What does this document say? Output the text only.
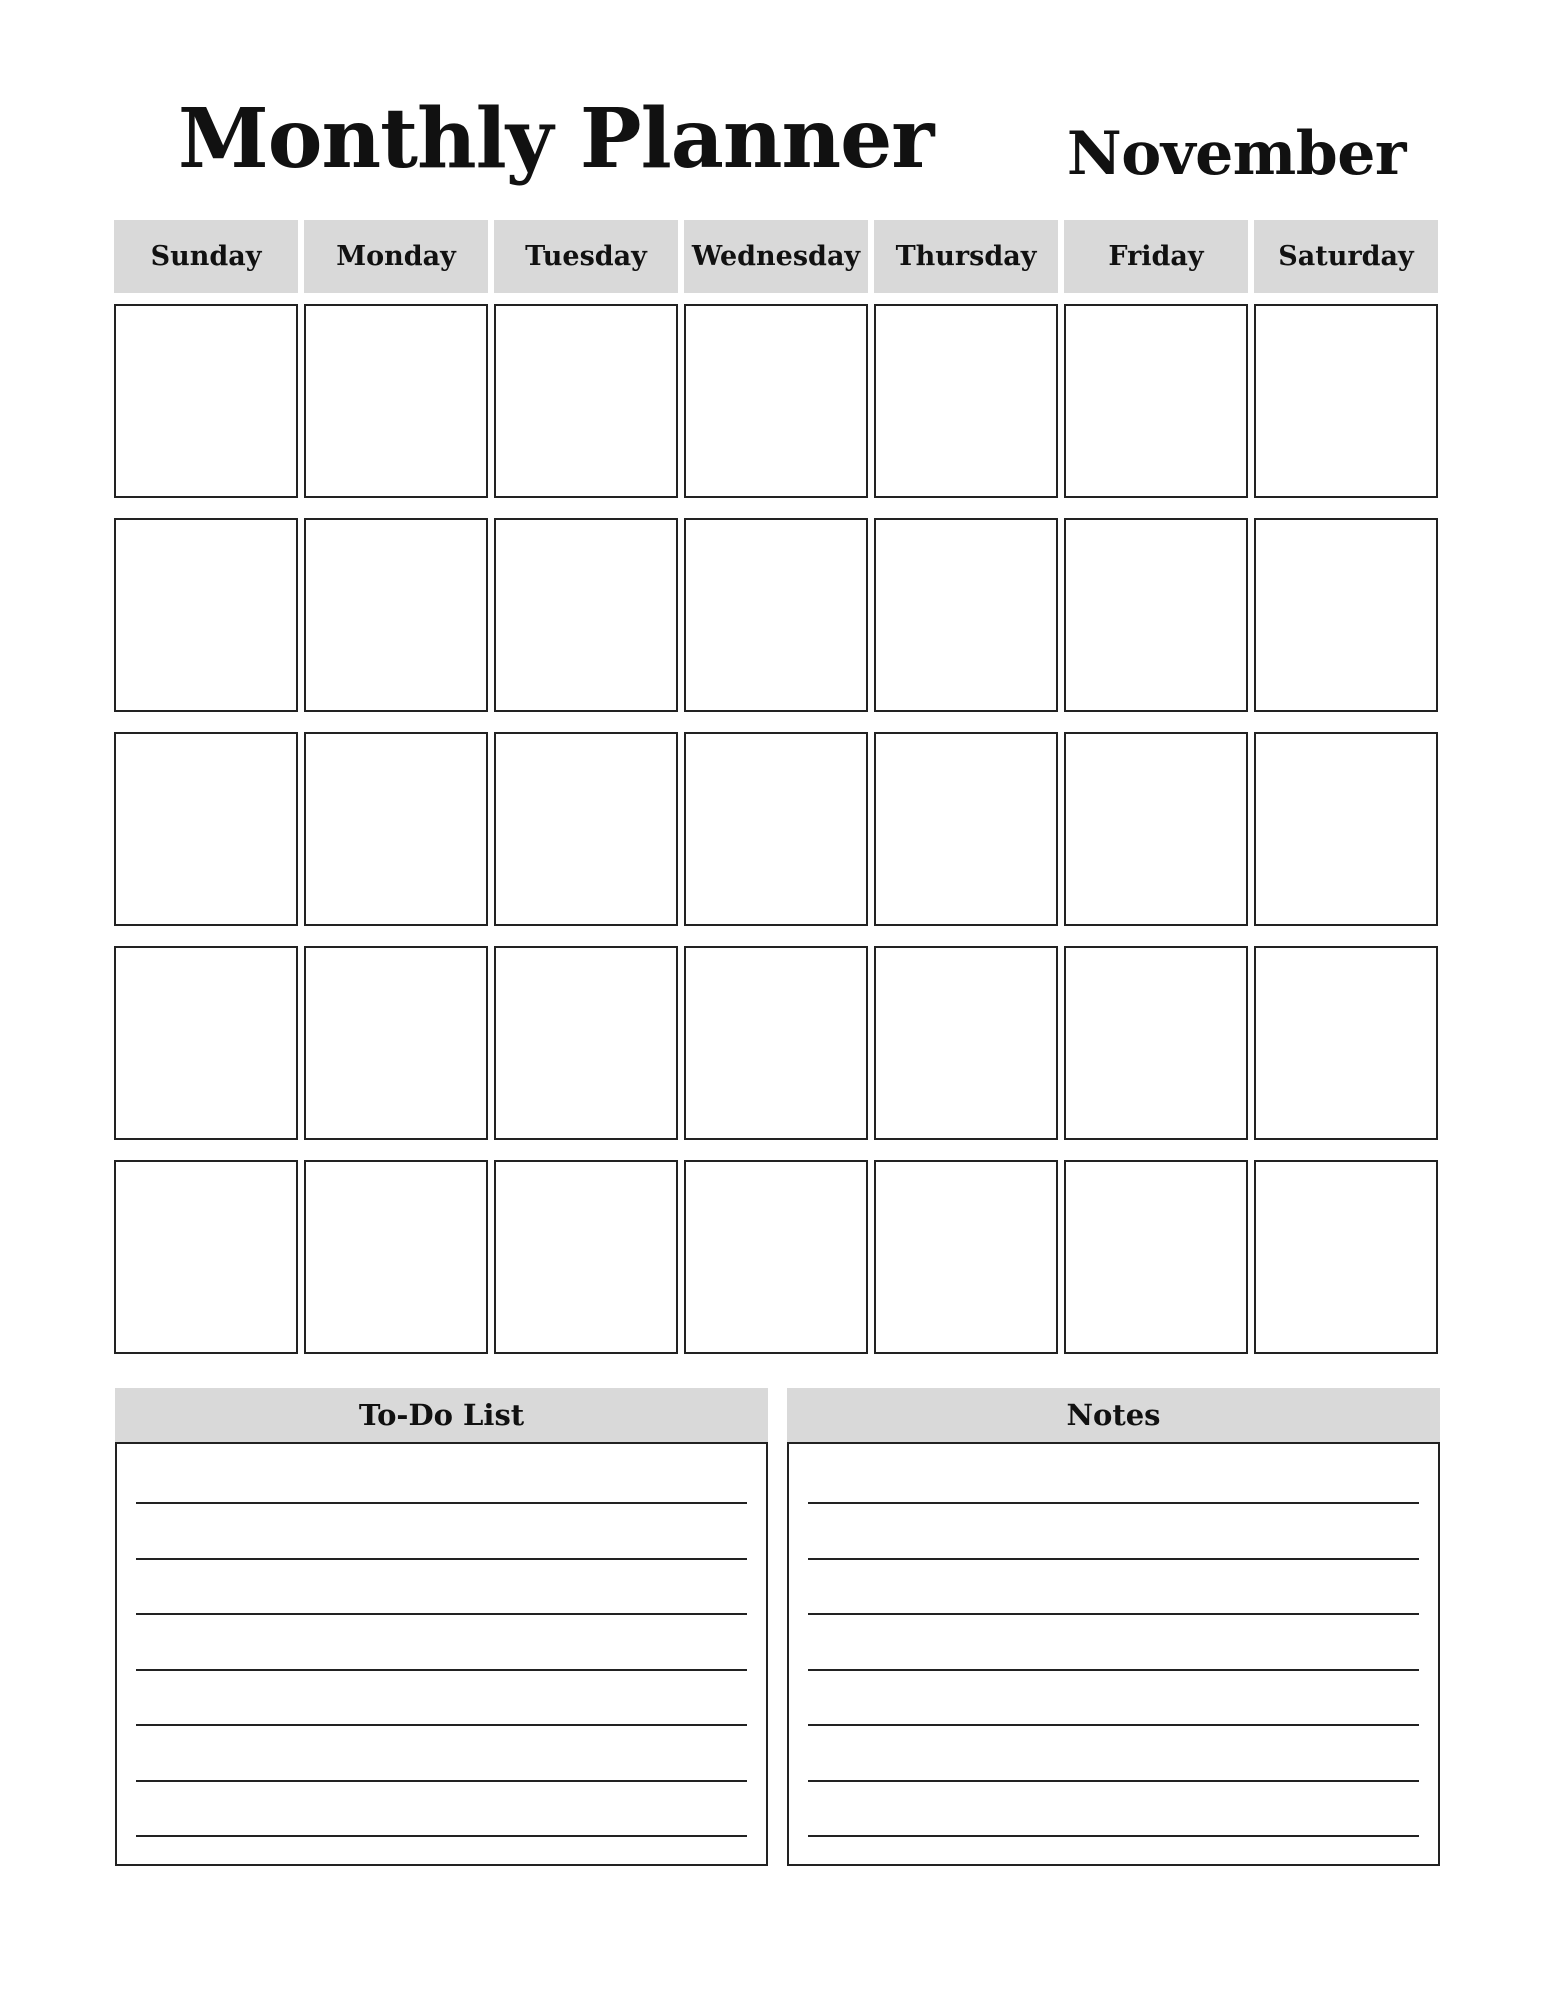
Monthly Planner November
Sunday	Monday	Tuesday	Wednesday	Thursday	Friday	Saturday
To-Do List	Notes
